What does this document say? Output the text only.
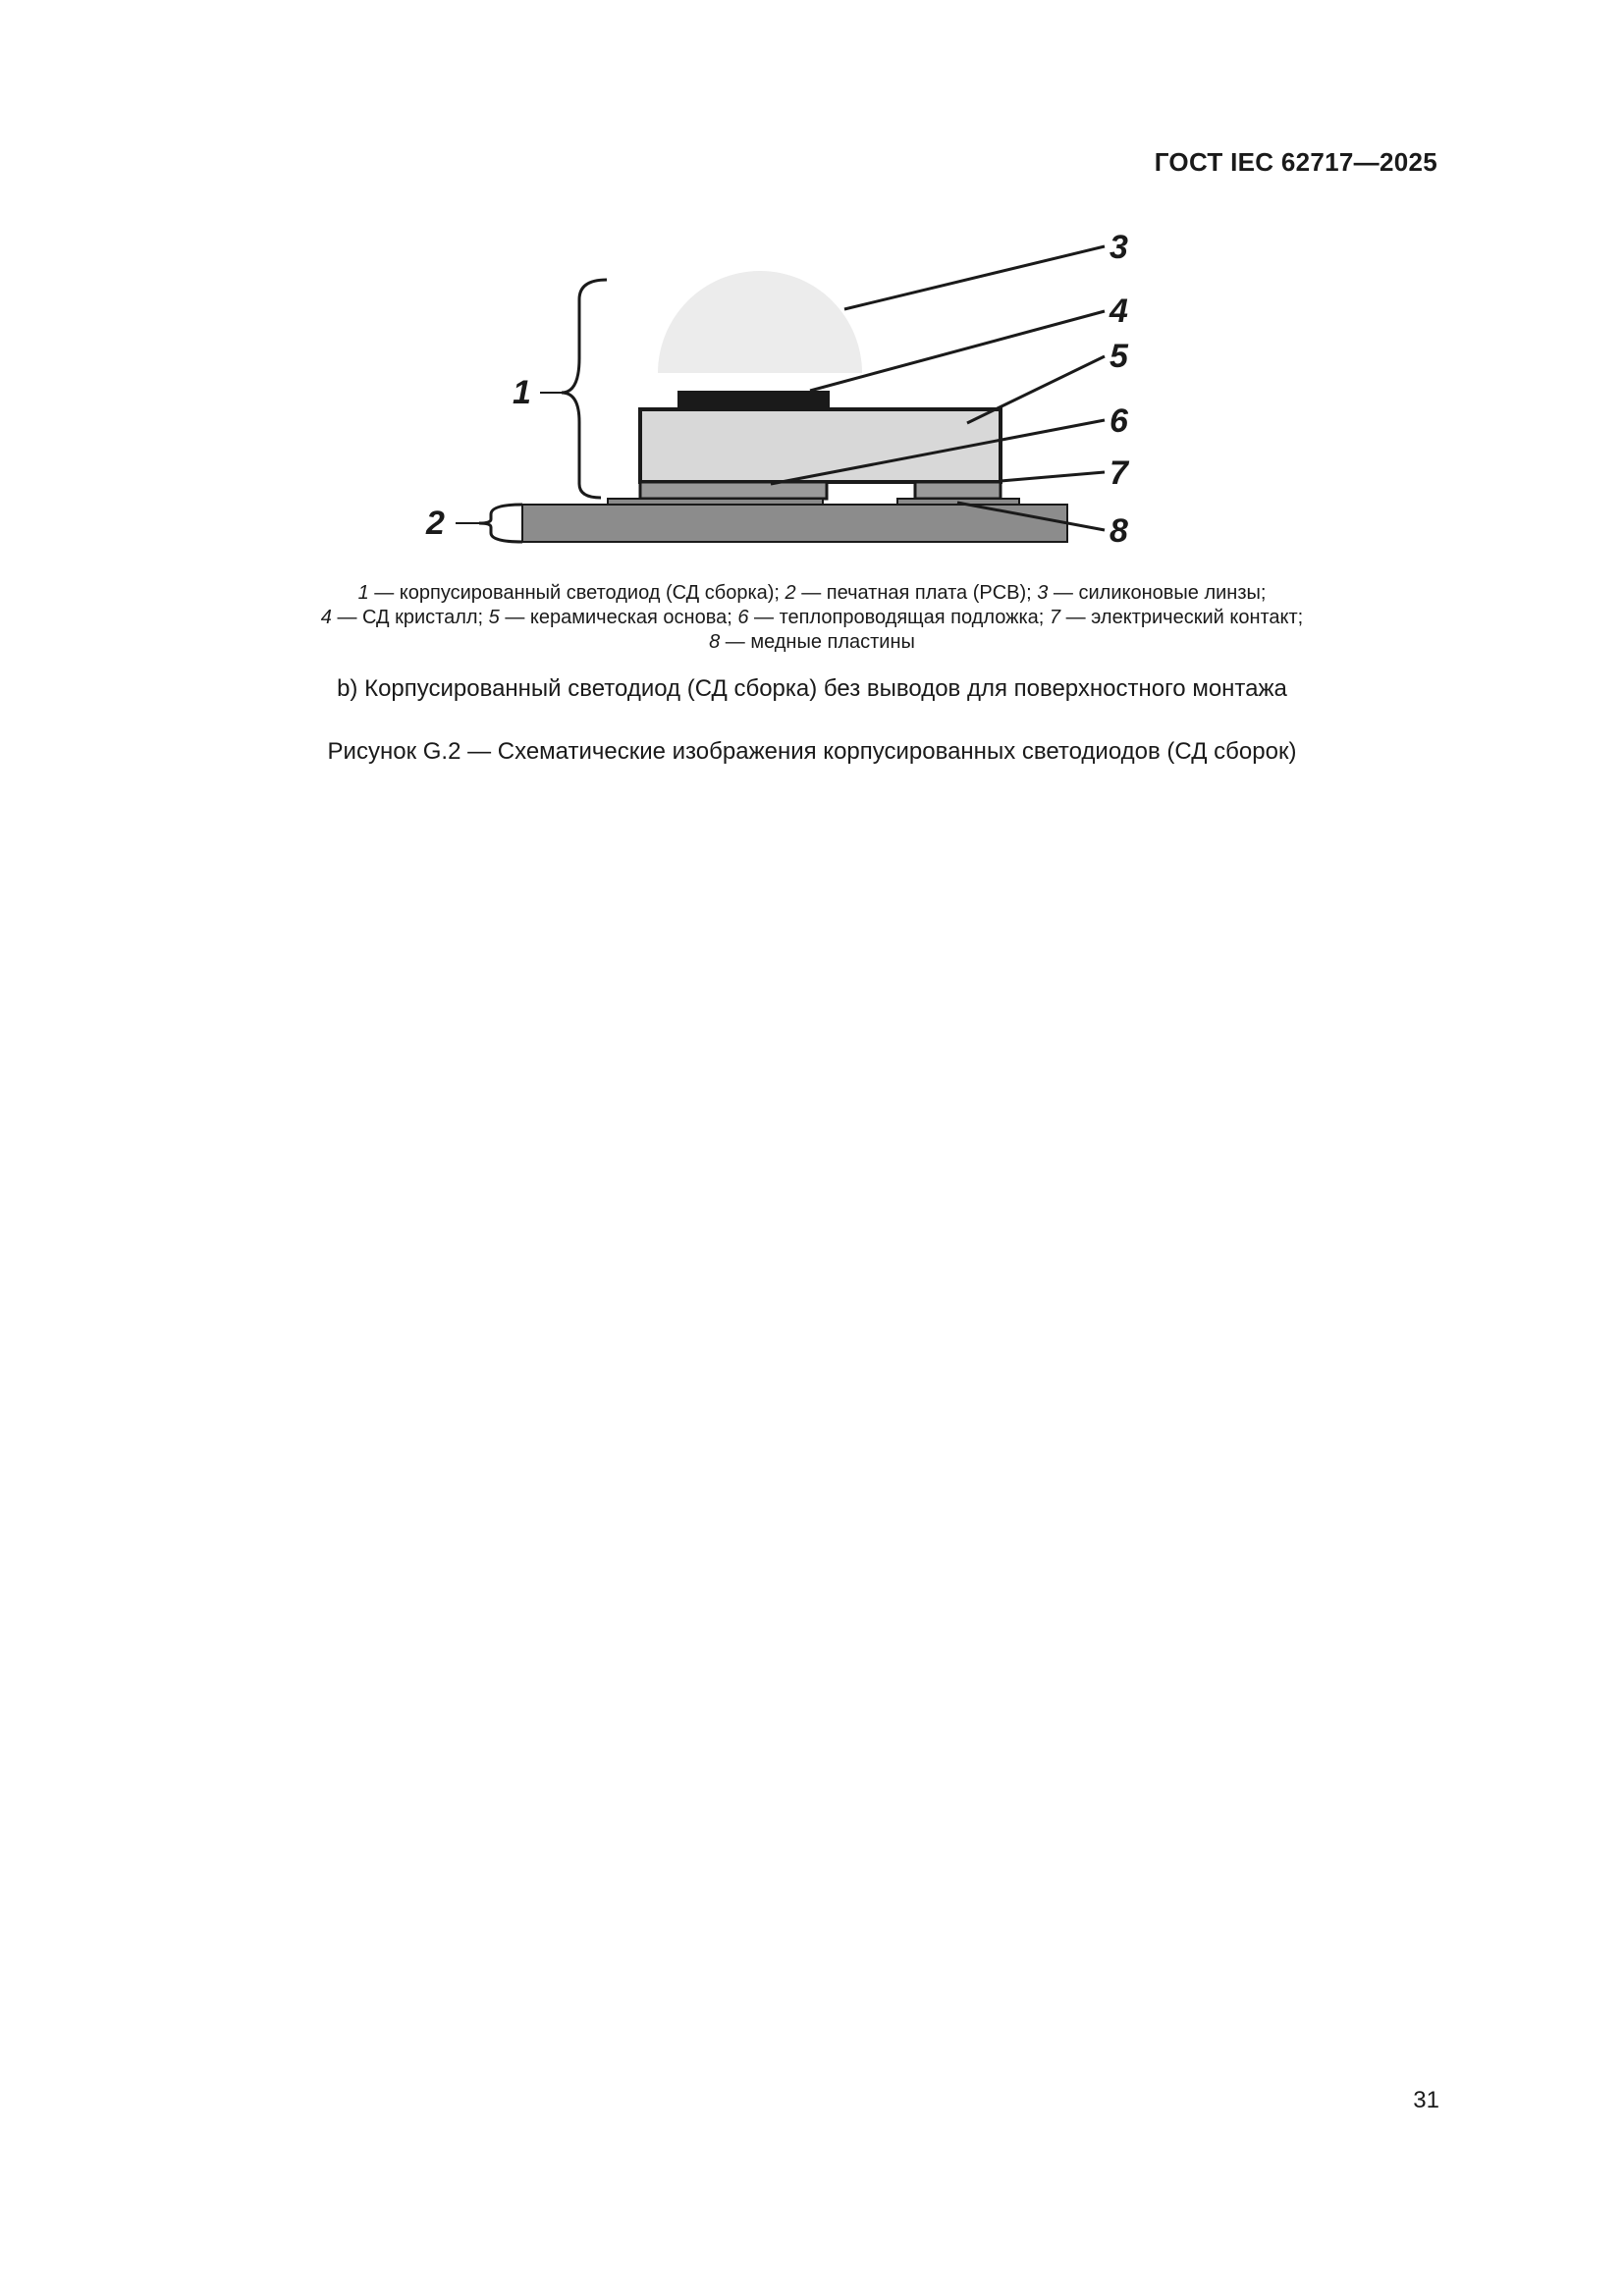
ГОСТ IEC 62717—2025
1
2
3
4
5
6
7
8
1 — корпусированный светодиод (СД сборка); 2 — печатная плата (PCB); 3 — силиконовые линзы;
4 — СД кристалл; 5 — керамическая основа; 6 — теплопроводящая подложка; 7 — электрический контакт;
8 — медные пластины
b) Корпусированный светодиод (СД сборка) без выводов для поверхностного монтажа
Рисунок G.2 — Схематические изображения корпусированных светодиодов (СД сборок)
31
